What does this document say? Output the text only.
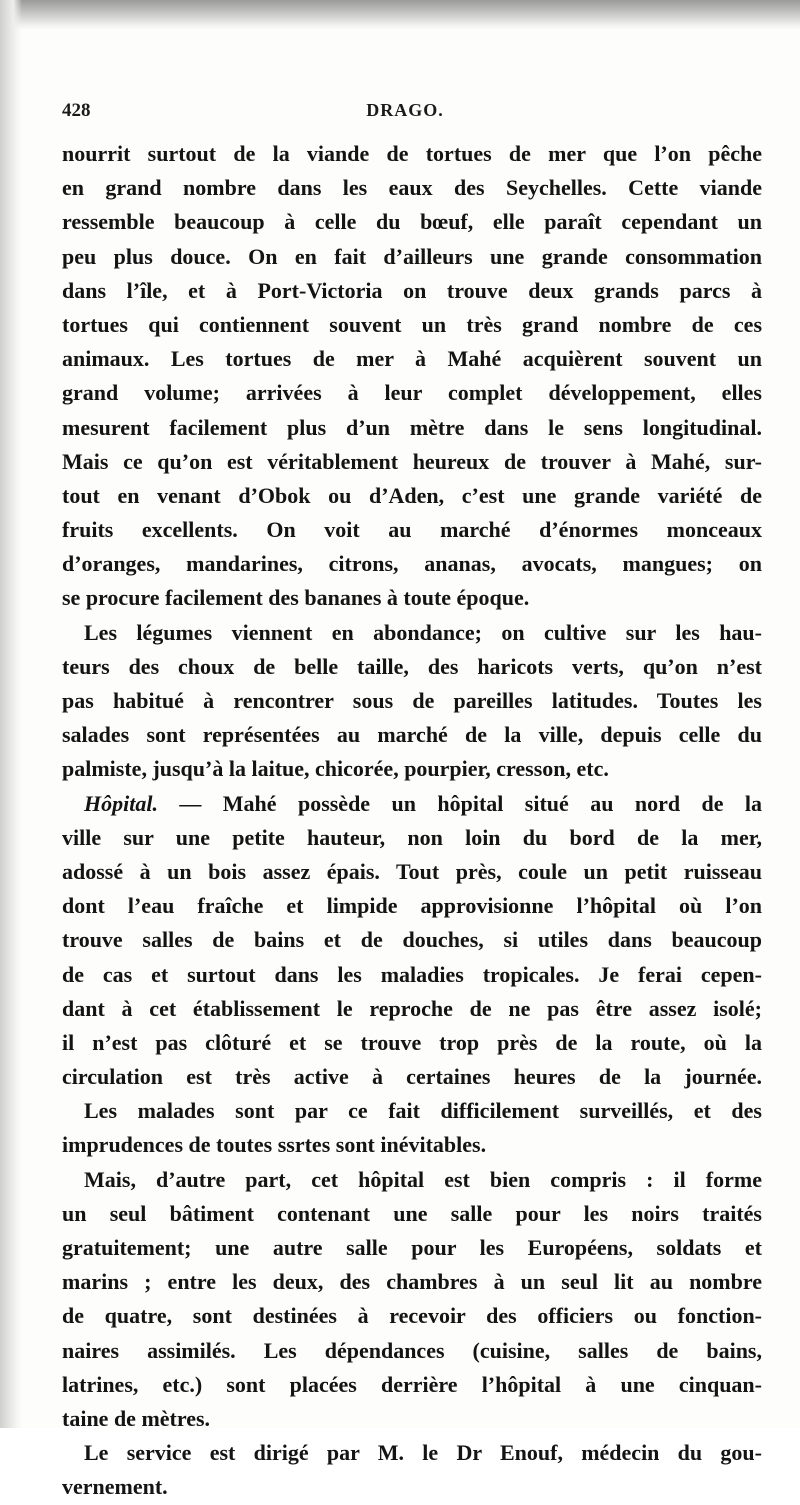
428	DRAGO.
nourrit surtout de la viande de tortues de mer que l’on pêche
en grand nombre dans les eaux des Seychelles. Cette viande
ressemble beaucoup à celle du bœuf, elle paraît cependant un
peu plus douce. On en fait d’ailleurs une grande consommation
dans l’île, et à Port-Victoria on trouve deux grands parcs à
tortues qui contiennent souvent un très grand nombre de ces
animaux. Les tortues de mer à Mahé acquièrent souvent un
grand volume; arrivées à leur complet développement, elles
mesurent facilement plus d’un mètre dans le sens longitudinal.
Mais ce qu’on est véritablement heureux de trouver à Mahé, sur-
tout en venant d’Obok ou d’Aden, c’est une grande variété de
fruits excellents. On voit au marché d’énormes monceaux
d’oranges, mandarines, citrons, ananas, avocats, mangues; on
se procure facilement des bananes à toute époque.
Les légumes viennent en abondance; on cultive sur les hau-
teurs des choux de belle taille, des haricots verts, qu’on n’est
pas habitué à rencontrer sous de pareilles latitudes. Toutes les
salades sont représentées au marché de la ville, depuis celle du
palmiste, jusqu’à la laitue, chicorée, pourpier, cresson, etc.
Hôpital. — Mahé possède un hôpital situé au nord de la
ville sur une petite hauteur, non loin du bord de la mer,
adossé à un bois assez épais. Tout près, coule un petit ruisseau
dont l’eau fraîche et limpide approvisionne l’hôpital où l’on
trouve salles de bains et de douches, si utiles dans beaucoup
de cas et surtout dans les maladies tropicales. Je ferai cepen-
dant à cet établissement le reproche de ne pas être assez isolé;
il n’est pas clôturé et se trouve trop près de la route, où la
circulation est très active à certaines heures de la journée.
Les malades sont par ce fait difficilement surveillés, et des
imprudences de toutes ssrtes sont inévitables.
Mais, d’autre part, cet hôpital est bien compris : il forme
un seul bâtiment contenant une salle pour les noirs traités
gratuitement; une autre salle pour les Européens, soldats et
marins ; entre les deux, des chambres à un seul lit au nombre
de quatre, sont destinées à recevoir des officiers ou fonction-
naires assimilés. Les dépendances (cuisine, salles de bains,
latrines, etc.) sont placées derrière l’hôpital à une cinquan-
taine de mètres.
Le service est dirigé par M. le Dr Enouf, médecin du gou-
vernement.
